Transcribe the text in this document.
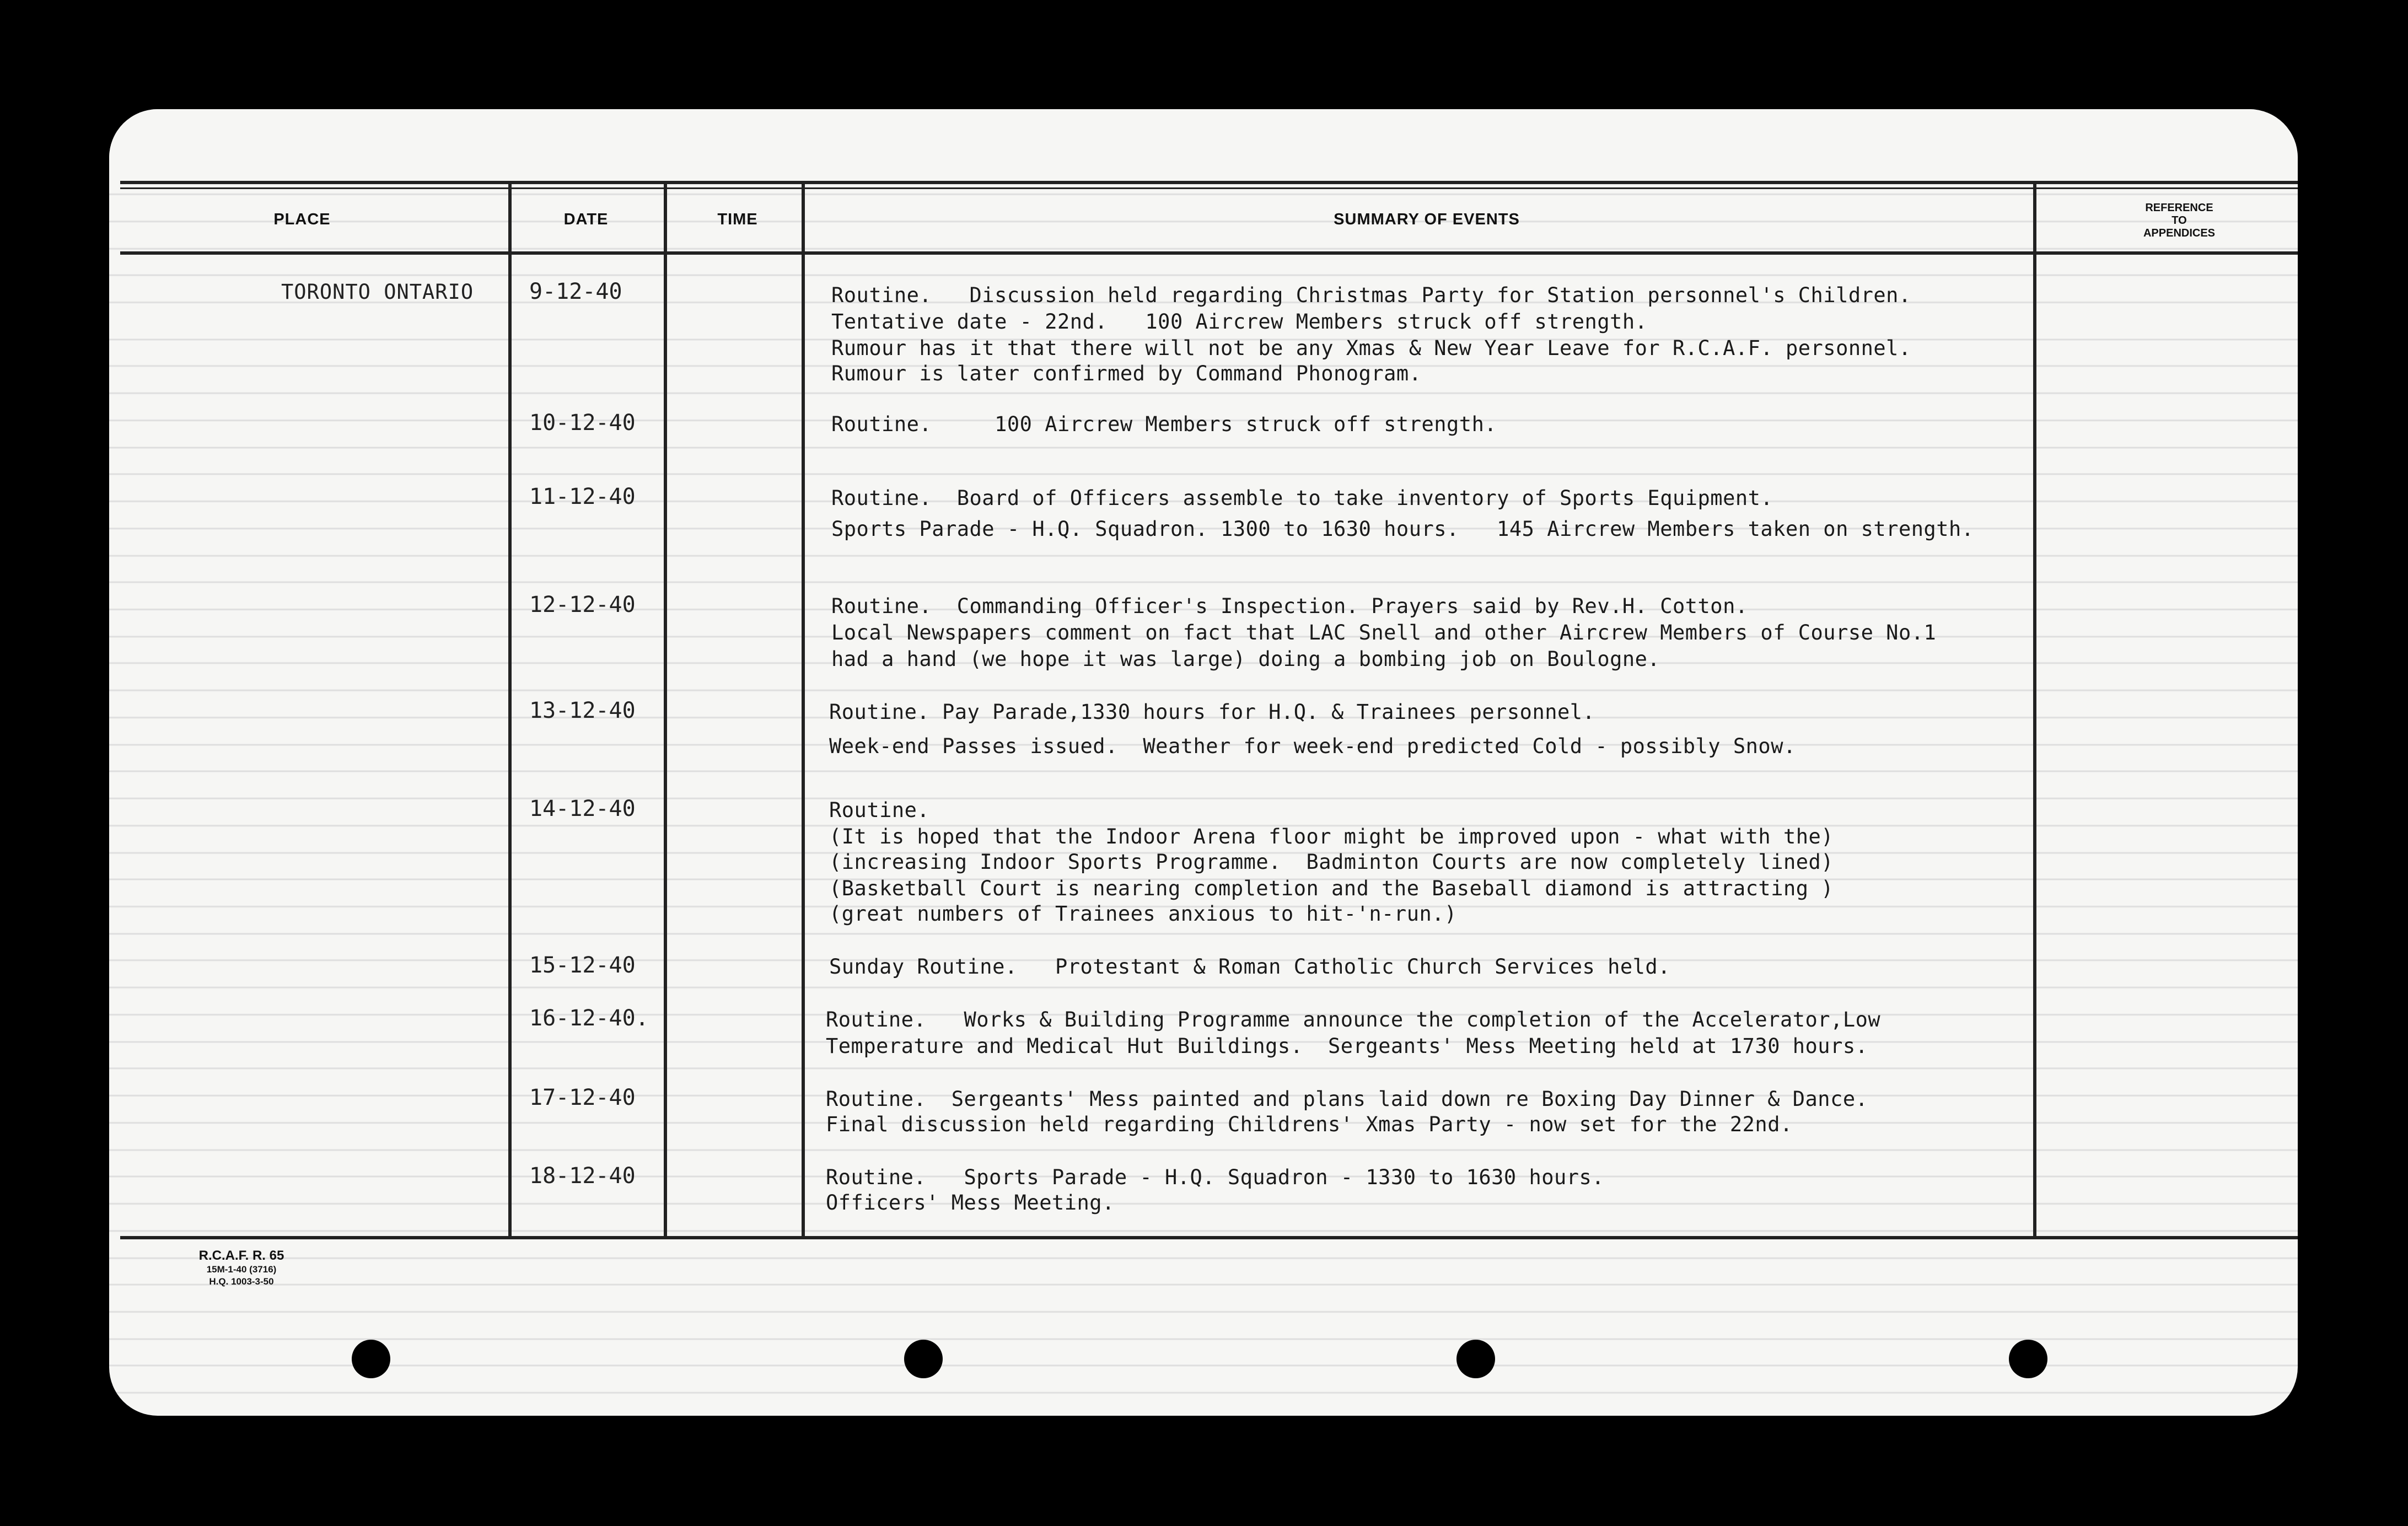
PLACE	DATE	TIME	SUMMARY OF EVENTS
REFERENCE
TO
APPENDICES
TORONTO ONTARIO	9-12-40	Routine.   Discussion held regarding Christmas Party for Station personnel's Children.
Tentative date - 22nd.   100 Aircrew Members struck off strength.
Rumour has it that there will not be any Xmas & New Year Leave for R.C.A.F. personnel.
Rumour is later confirmed by Command Phonogram.
10-12-40	Routine.     100 Aircrew Members struck off strength.
11-12-40	Routine.  Board of Officers assemble to take inventory of Sports Equipment.
Sports Parade - H.Q. Squadron. 1300 to 1630 hours.   145 Aircrew Members taken on strength.
12-12-40	Routine.  Commanding Officer's Inspection. Prayers said by Rev.H. Cotton.
Local Newspapers comment on fact that LAC Snell and other Aircrew Members of Course No.1
had a hand (we hope it was large) doing a bombing job on Boulogne.
13-12-40	Routine. Pay Parade,1330 hours for H.Q. & Trainees personnel.
Week-end Passes issued.  Weather for week-end predicted Cold - possibly Snow.
14-12-40	Routine.
(It is hoped that the Indoor Arena floor might be improved upon - what with the)
(increasing Indoor Sports Programme.  Badminton Courts are now completely lined)
(Basketball Court is nearing completion and the Baseball diamond is attracting )
(great numbers of Trainees anxious to hit-'n-run.)
15-12-40	Sunday Routine.   Protestant & Roman Catholic Church Services held.
16-12-40.	Routine.   Works & Building Programme announce the completion of the Accelerator,Low
Temperature and Medical Hut Buildings.  Sergeants' Mess Meeting held at 1730 hours.
17-12-40	Routine.  Sergeants' Mess painted and plans laid down re Boxing Day Dinner & Dance.
Final discussion held regarding Childrens' Xmas Party - now set for the 22nd.
18-12-40	Routine.   Sports Parade - H.Q. Squadron - 1330 to 1630 hours.
Officers' Mess Meeting.
R.C.A.F. R. 65
15M-1-40 (3716)
H.Q. 1003-3-50
